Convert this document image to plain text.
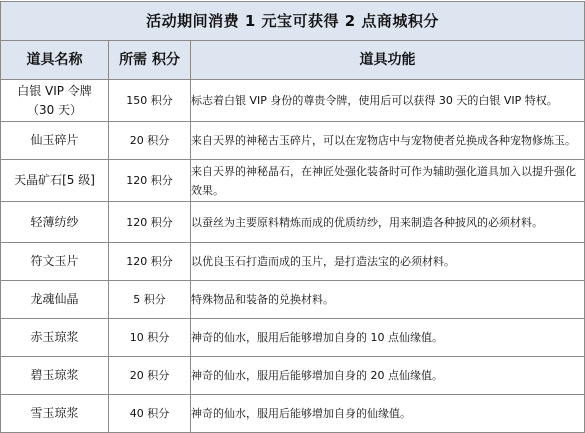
活动期间消费 1 元宝可获得 2 点商城积分		
道具名称	所需 积分	道具功能

白银 VIP 令牌
（30 天）	150 积分	标志着白银 VIP 身份的尊贵令牌，使用后可以获得 30 天的白银 VIP 特权。

仙玉碎片	20 积分	来自天界的神秘古玉碎片，可以在宠物店中与宠物使者兑换成各种宠物修炼玉。

天晶矿石[5 级]	120 积分	来自天界的神秘晶石，在神匠处强化装备时可作为辅助强化道具加入以提升强化效果。

轻薄纺纱	120 积分	以蚕丝为主要原料精炼而成的优质纺纱，用来制造各种披风的必须材料。

符文玉片	120 积分	以优良玉石打造而成的玉片，是打造法宝的必须材料。

龙魂仙晶	5 积分	特殊物品和装备的兑换材料。

赤玉琼浆	10 积分	神奇的仙水，服用后能够增加自身的 10 点仙缘值。

碧玉琼浆	20 积分	神奇的仙水，服用后能够增加自身的 20 点仙缘值。

雪玉琼浆	40 积分	神奇的仙水，服用后能够增加自身的仙缘值。
